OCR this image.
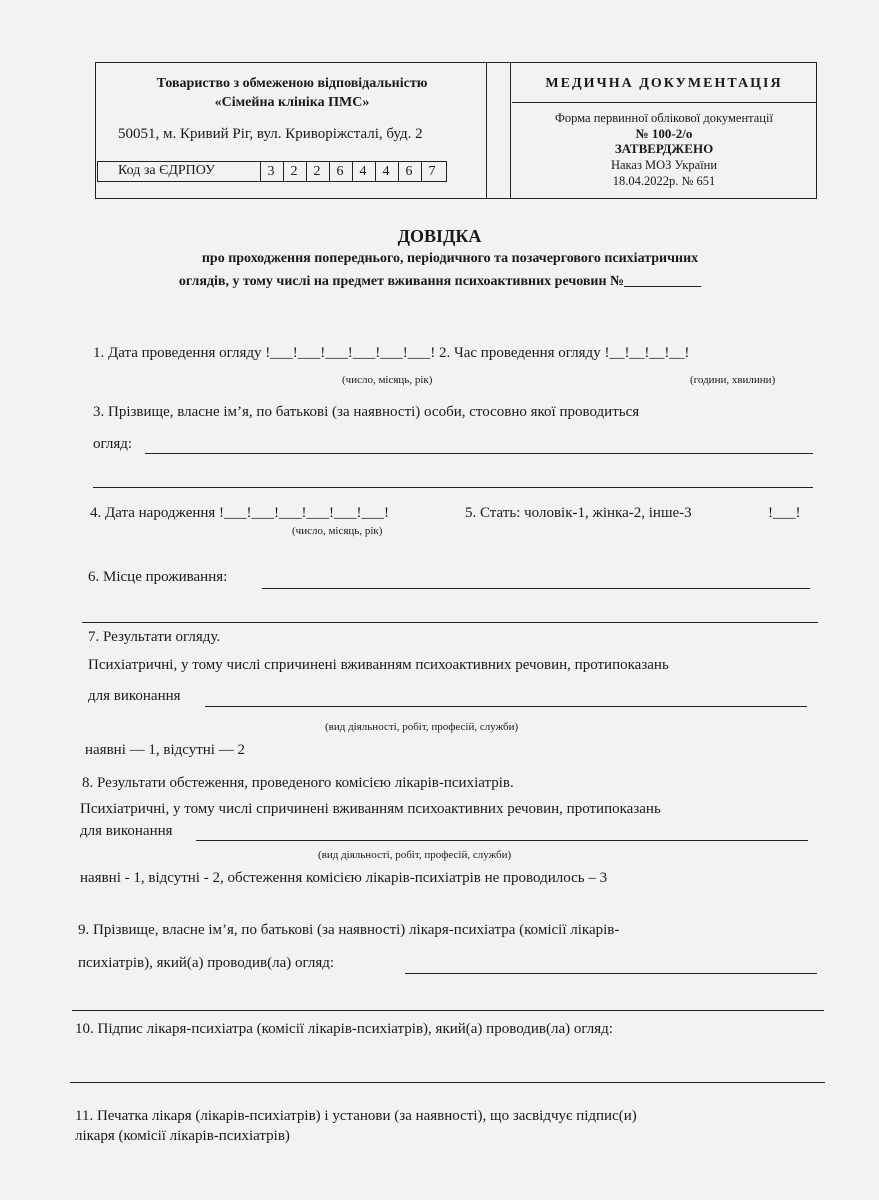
Товариство з обмеженою відповідальністю
«Сімейна клініка ПМС»
50051, м. Кривий Ріг, вул. Криворіжсталі, буд. 2
Код за ЄДРПОУ	3	2	2	6	4	4	6	7
МЕДИЧНА ДОКУМЕНТАЦІЯ
Форма первинної облікової документації
№ 100-2/о
ЗАТВЕРДЖЕНО
Наказ МОЗ України
18.04.2022р. № 651
ДОВІДКА
про проходження попереднього, періодичного та позачергового психіатричних
оглядів, у тому числі на предмет вживання психоактивних речовин №___________
1. Дата проведення огляду !___!___!___!___!___!___! 2. Час проведення огляду !__!__!__!__!
(число, місяць, рік)	(години, хвилини)
3. Прізвище, власне ім’я, по батькові (за наявності) особи, стосовно якої проводиться
огляд:
4. Дата народження !___!___!___!___!___!___!
(число, місяць, рік)
5. Стать: чоловік-1, жінка-2, інше-3	!___!
6. Місце проживання:
7. Результати огляду.
Психіатричні, у тому числі спричинені вживанням психоактивних речовин, протипоказань
для виконання
(вид діяльності, робіт, професій, служби)
наявні — 1, відсутні — 2
8. Результати обстеження, проведеного комісією лікарів-психіатрів.
Психіатричні, у тому числі спричинені вживанням психоактивних речовин, протипоказань
для виконання
(вид діяльності, робіт, професій, служби)
наявні - 1, відсутні - 2, обстеження комісією лікарів-психіатрів не проводилось – 3
9. Прізвище, власне ім’я, по батькові (за наявності) лікаря-психіатра (комісії лікарів-
психіатрів), який(а) проводив(ла) огляд:
10. Підпис лікаря-психіатра (комісії лікарів-психіатрів), який(а) проводив(ла) огляд:
11. Печатка лікаря (лікарів-психіатрів) і установи (за наявності), що засвідчує підпис(и)
лікаря (комісії лікарів-психіатрів)
